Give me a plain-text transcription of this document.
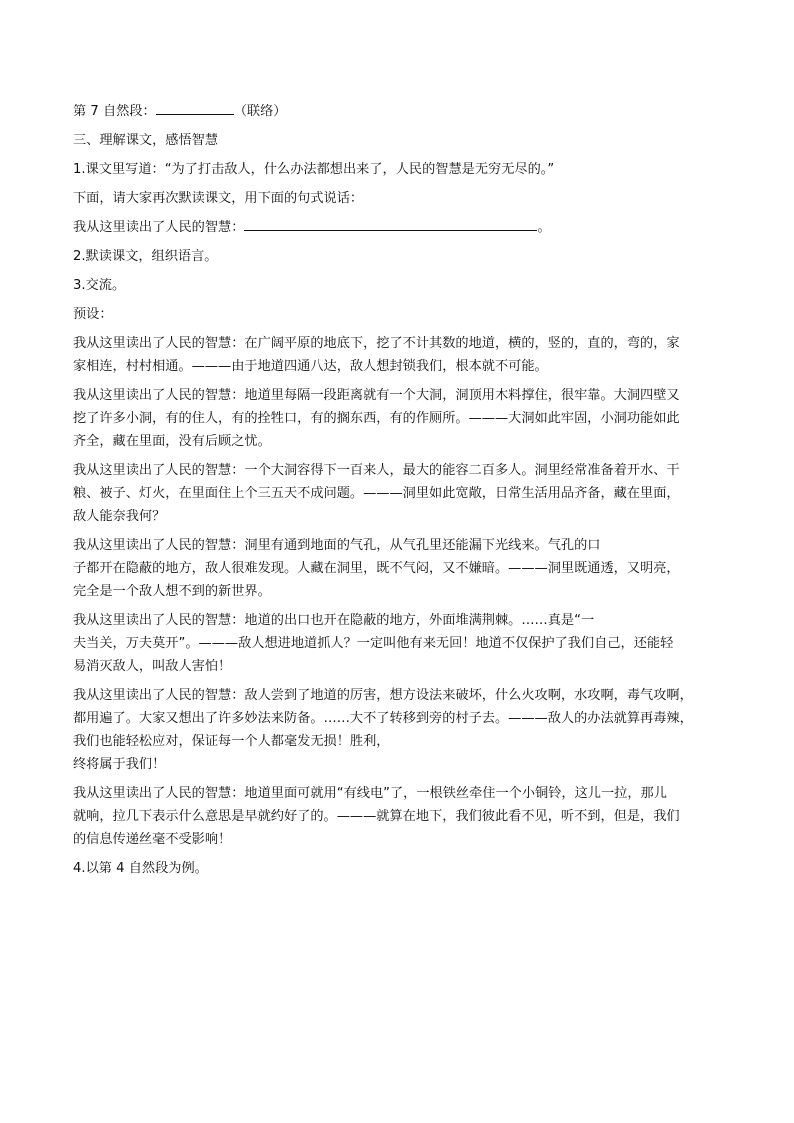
第 7 自然段：	（联络）

三、理解课文，感悟智慧

1.课文里写道：“为了打击敌人，什么办法都想出来了，人民的智慧是无穷无尽的。”

下面，请大家再次默读课文，用下面的句式说话：

我从这里读出了人民的智慧：	。

2.默读课文，组织语言。

3.交流。

预设：

我从这里读出了人民的智慧：在广阔平原的地底下，挖了不计其数的地道，横的，竖的，直的，弯的，家

家相连，村村相通。———由于地道四通八达，敌人想封锁我们，根本就不可能。

我从这里读出了人民的智慧：地道里每隔一段距离就有一个大洞，洞顶用木料撑住，很牢靠。大洞四壁又

挖了许多小洞，有的住人，有的拴牲口，有的搁东西，有的作厕所。———大洞如此牢固，小洞功能如此

齐全，藏在里面，没有后顾之忧。

我从这里读出了人民的智慧：一个大洞容得下一百来人，最大的能容二百多人。洞里经常准备着开水、干

粮、被子、灯火，在里面住上个三五天不成问题。———洞里如此宽敞，日常生活用品齐备，藏在里面，

敌人能奈我何？

我从这里读出了人民的智慧：洞里有通到地面的气孔，从气孔里还能漏下光线来。气孔的口

子都开在隐蔽的地方，敌人很难发现。人藏在洞里，既不气闷，又不嫌暗。———洞里既通透，又明亮，

完全是一个敌人想不到的新世界。

我从这里读出了人民的智慧：地道的出口也开在隐蔽的地方，外面堆满荆棘。……真是“一

夫当关，万夫莫开”。———敌人想进地道抓人？一定叫他有来无回！地道不仅保护了我们自己，还能轻

易消灭敌人，叫敌人害怕！

我从这里读出了人民的智慧：敌人尝到了地道的厉害，想方设法来破坏，什么火攻啊，水攻啊，毒气攻啊，

都用遍了。大家又想出了许多妙法来防备。……大不了转移到旁的村子去。———敌人的办法就算再毒辣，

我们也能轻松应对，保证每一个人都毫发无损！胜利，

终将属于我们！

我从这里读出了人民的智慧：地道里面可就用“有线电”了，一根铁丝牵住一个小铜铃，这儿一拉，那儿

就响，拉几下表示什么意思是早就约好了的。———就算在地下，我们彼此看不见，听不到，但是，我们

的信息传递丝毫不受影响！

4.以第 4 自然段为例。
